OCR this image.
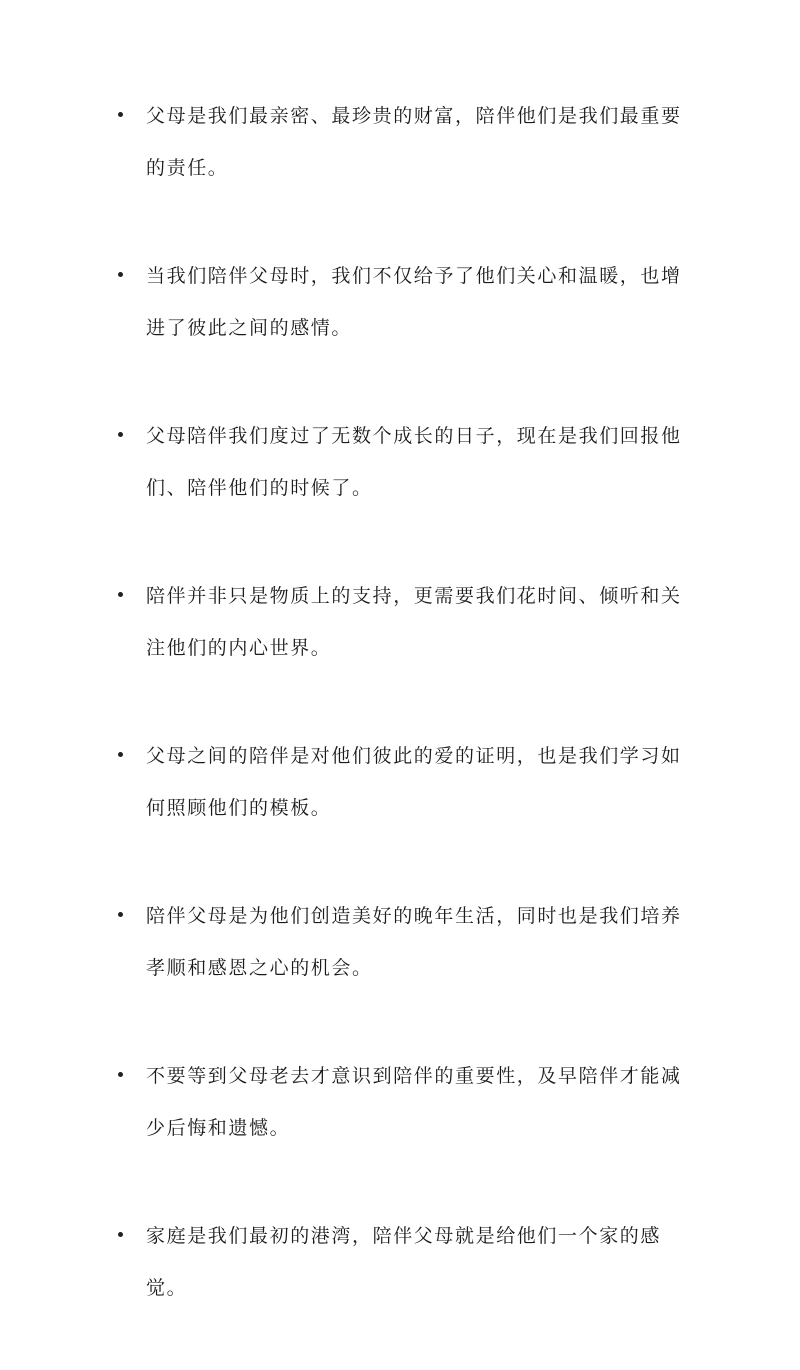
父母是我们最亲密、最珍贵的财富，陪伴他们是我们最重要的责任。
当我们陪伴父母时，我们不仅给予了他们关心和温暖，也增进了彼此之间的感情。
父母陪伴我们度过了无数个成长的日子，现在是我们回报他们、陪伴他们的时候了。
陪伴并非只是物质上的支持，更需要我们花时间、倾听和关注他们的内心世界。
父母之间的陪伴是对他们彼此的爱的证明，也是我们学习如何照顾他们的模板。
陪伴父母是为他们创造美好的晚年生活，同时也是我们培养孝顺和感恩之心的机会。
不要等到父母老去才意识到陪伴的重要性，及早陪伴才能减少后悔和遗憾。
家庭是我们最初的港湾，陪伴父母就是给他们一个家的感觉。
